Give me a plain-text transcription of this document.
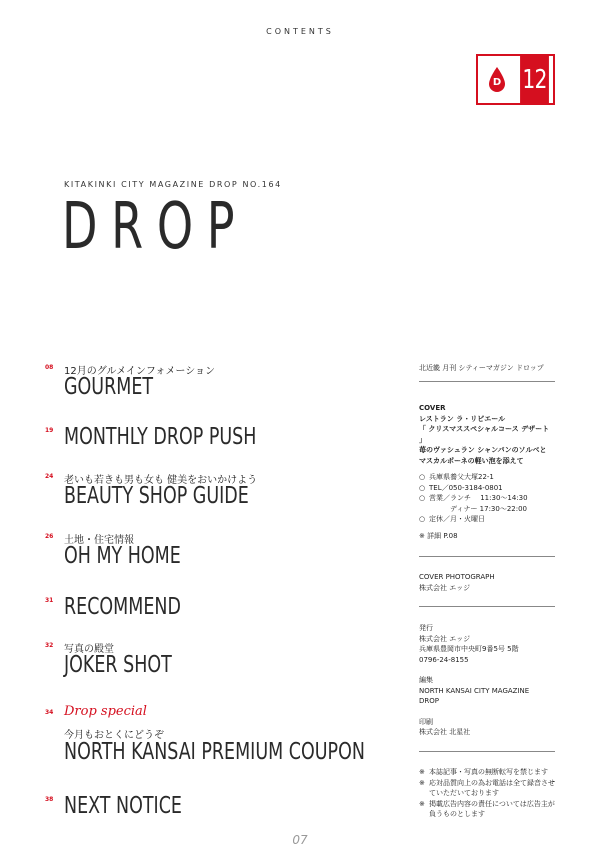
CONTENTS
D 12
KITAKINKI CITY MAGAZINE DROP NO.164
DROP
08 12月のグルメインフォメーション
GOURMET
19 MONTHLY DROP PUSH
24 老いも若きも男も女も 健美をおいかけよう
BEAUTY SHOP GUIDE
26 土地・住宅情報
OH MY HOME
31 RECOMMEND
32 写真の殿堂
JOKER SHOT
34 Drop special
今月もおとくにどうぞ
NORTH KANSAI PREMIUM COUPON
38 NEXT NOTICE
北近畿 月刊 シティーマガジン ドロップ
COVER
レストラン ラ・リビエール
「 クリスマススペシャルコース デザート 」
苺のヴァシュラン シャンパンのソルベと
マスカルポーネの軽い泡を添えて
○ 兵庫県養父大塚22-1
○ TEL／050-3184-0801
○ 営業／ランチ　 11:30～14:30
　　　ディナー 17:30～22:00
○ 定休／月・火曜日
※ 詳細 P.08
COVER PHOTOGRAPH
株式会社 エッジ
発行
株式会社 エッジ
兵庫県豊岡市中央町9番5号 5階
0796-24-8155
編集
NORTH KANSAI CITY MAGAZINE
DROP
印刷
株式会社 北星社
※ 本誌記事・写真の無断転写を禁じます
※ 応対品質向上の為お電話は全て録音させていただいております
※ 掲載広告内容の責任については広告主が負うものとします
07
